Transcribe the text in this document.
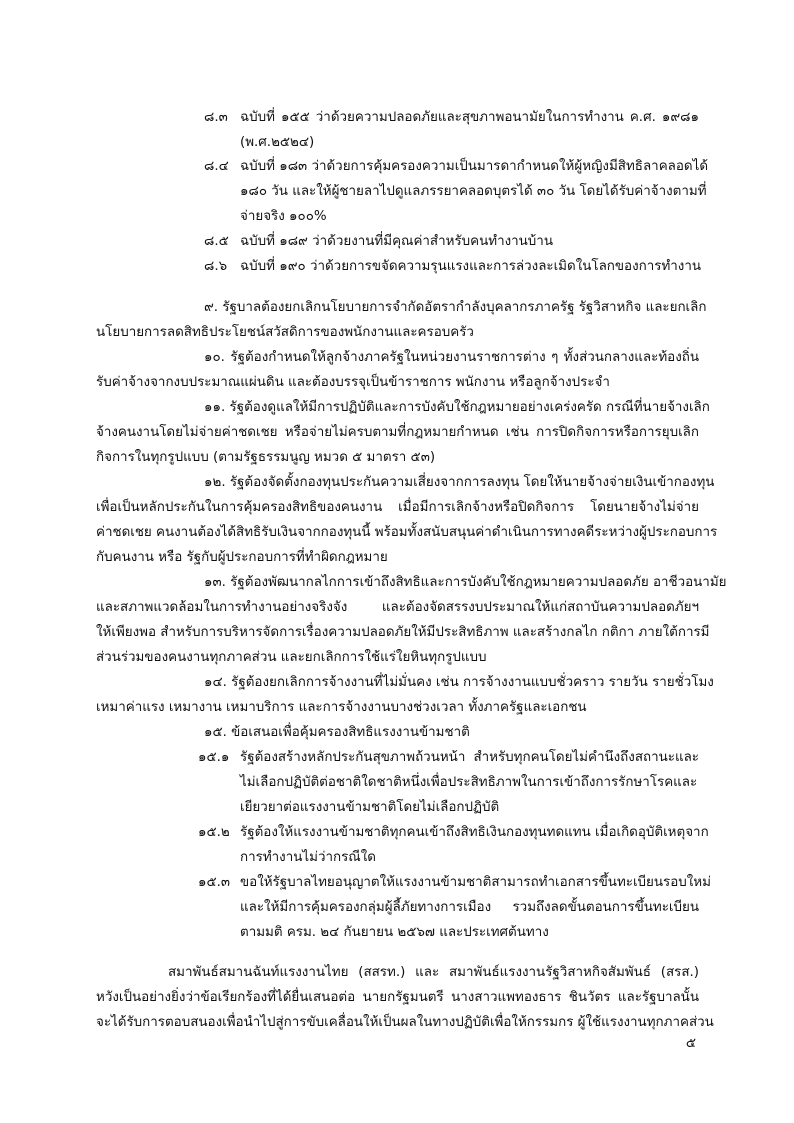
๘.๓ ฉบับที่ ๑๕๕ ว่าด้วยความปลอดภัยและสุขภาพอนามัยในการทำงาน ค.ศ. ๑๙๘๑
(พ.ศ.๒๕๒๔)
๘.๔ ฉบับที่ ๑๘๓ ว่าด้วยการคุ้มครองความเป็นมารดากำหนดให้ผู้หญิงมีสิทธิลาคลอดได้
๑๘๐ วัน และให้ผู้ชายลาไปดูแลภรรยาคลอดบุตรได้ ๓๐ วัน โดยได้รับค่าจ้างตามที่
จ่ายจริง ๑๐๐%
๘.๕ ฉบับที่ ๑๘๙ ว่าด้วยงานที่มีคุณค่าสำหรับคนทำงานบ้าน
๘.๖ ฉบับที่ ๑๙๐ ว่าด้วยการขจัดความรุนแรงและการล่วงละเมิดในโลกของการทำงาน
๙. รัฐบาลต้องยกเลิกนโยบายการจำกัดอัตรากำลังบุคลากรภาครัฐ รัฐวิสาหกิจ และยกเลิก
นโยบายการลดสิทธิประโยชน์สวัสดิการของพนักงานและครอบครัว
๑๐. รัฐต้องกำหนดให้ลูกจ้างภาครัฐในหน่วยงานราชการต่าง ๆ ทั้งส่วนกลางและท้องถิ่น
รับค่าจ้างจากงบประมาณแผ่นดิน และต้องบรรจุเป็นข้าราชการ พนักงาน หรือลูกจ้างประจำ
๑๑. รัฐต้องดูแลให้มีการปฏิบัติและการบังคับใช้กฎหมายอย่างเคร่งครัด กรณีที่นายจ้างเลิก
จ้างคนงานโดยไม่จ่ายค่าชดเชย หรือจ่ายไม่ครบตามที่กฎหมายกำหนด เช่น การปิดกิจการหรือการยุบเลิก
กิจการในทุกรูปแบบ (ตามรัฐธรรมนูญ หมวด ๕ มาตรา ๕๓)
๑๒. รัฐต้องจัดตั้งกองทุนประกันความเสี่ยงจากการลงทุน โดยให้นายจ้างจ่ายเงินเข้ากองทุน
เพื่อเป็นหลักประกันในการคุ้มครองสิทธิของคนงาน เมื่อมีการเลิกจ้างหรือปิดกิจการ โดยนายจ้างไม่จ่าย
ค่าชดเชย คนงานต้องได้สิทธิรับเงินจากกองทุนนี้ พร้อมทั้งสนับสนุนค่าดำเนินการทางคดีระหว่างผู้ประกอบการ
กับคนงาน หรือ รัฐกับผู้ประกอบการที่ทำผิดกฎหมาย
๑๓. รัฐต้องพัฒนากลไกการเข้าถึงสิทธิและการบังคับใช้กฎหมายความปลอดภัย อาชีวอนามัย
และสภาพแวดล้อมในการทำงานอย่างจริงจัง และต้องจัดสรรงบประมาณให้แก่สถาบันความปลอดภัยฯ
ให้เพียงพอ สำหรับการบริหารจัดการเรื่องความปลอดภัยให้มีประสิทธิภาพ และสร้างกลไก กติกา ภายใต้การมี
ส่วนร่วมของคนงานทุกภาคส่วน และยกเลิกการใช้แร่ใยหินทุกรูปแบบ
๑๔. รัฐต้องยกเลิกการจ้างงานที่ไม่มั่นคง เช่น การจ้างงานแบบชั่วคราว รายวัน รายชั่วโมง
เหมาค่าแรง เหมางาน เหมาบริการ และการจ้างงานบางช่วงเวลา ทั้งภาครัฐและเอกชน
๑๕. ข้อเสนอเพื่อคุ้มครองสิทธิแรงงานข้ามชาติ
๑๕.๑ รัฐต้องสร้างหลักประกันสุขภาพถ้วนหน้า สำหรับทุกคนโดยไม่คำนึงถึงสถานะและ
ไม่เลือกปฏิบัติต่อชาติใดชาติหนึ่งเพื่อประสิทธิภาพในการเข้าถึงการรักษาโรคและ
เยียวยาต่อแรงงานข้ามชาติโดยไม่เลือกปฏิบัติ
๑๕.๒ รัฐต้องให้แรงงานข้ามชาติทุกคนเข้าถึงสิทธิเงินกองทุนทดแทน เมื่อเกิดอุบัติเหตุจาก
การทำงานไม่ว่ากรณีใด
๑๕.๓ ขอให้รัฐบาลไทยอนุญาตให้แรงงานข้ามชาติสามารถทำเอกสารขึ้นทะเบียนรอบใหม่
และให้มีการคุ้มครองกลุ่มผู้ลี้ภัยทางการเมือง รวมถึงลดขั้นตอนการขึ้นทะเบียน
ตามมติ ครม. ๒๔ กันยายน ๒๕๖๗ และประเทศต้นทาง
สมาพันธ์สมานฉันท์แรงงานไทย (สสรท.) และ สมาพันธ์แรงงานรัฐวิสาหกิจสัมพันธ์ (สรส.)
หวังเป็นอย่างยิ่งว่าข้อเรียกร้องที่ได้ยื่นเสนอต่อ นายกรัฐมนตรี นางสาวแพทองธาร ชินวัตร และรัฐบาลนั้น
จะได้รับการตอบสนองเพื่อนำไปสู่การขับเคลื่อนให้เป็นผลในทางปฏิบัติเพื่อให้กรรมกร ผู้ใช้แรงงานทุกภาคส่วน
๕
